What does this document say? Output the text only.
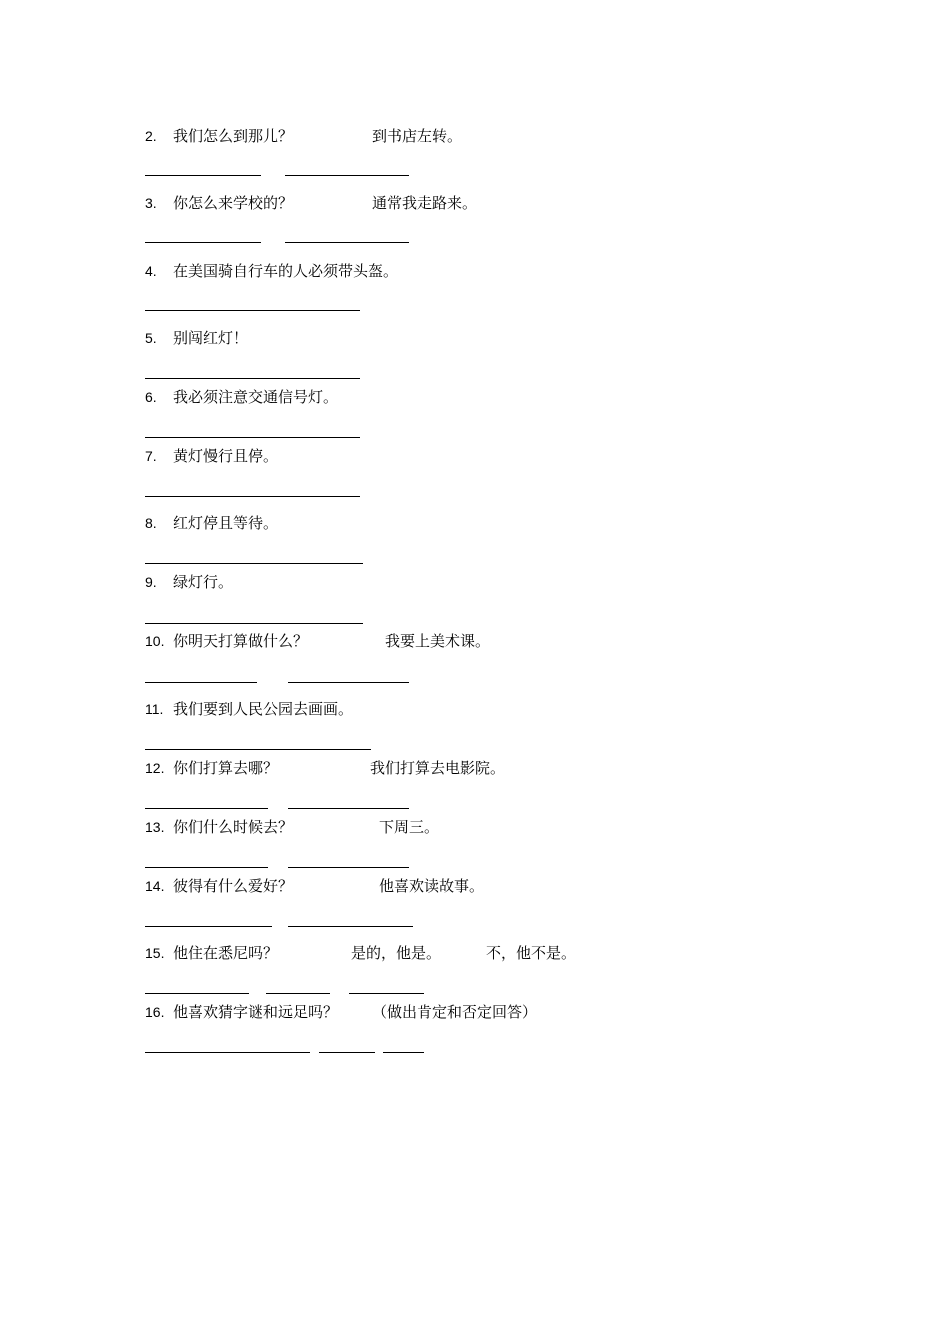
2. 我们怎么到那儿？	到书店左转。
3. 你怎么来学校的？	通常我走路来。
4. 在美国骑自行车的人必须带头盔。
5. 别闯红灯！
6. 我必须注意交通信号灯。
7. 黄灯慢行且停。
8. 红灯停且等待。
9. 绿灯行。
10. 你明天打算做什么？	我要上美术课。
11. 我们要到人民公园去画画。
12. 你们打算去哪？	我们打算去电影院。
13. 你们什么时候去？	下周三。
14. 彼得有什么爱好？	他喜欢读故事。
15. 他住在悉尼吗？	是的，他是。	不，他不是。
16. 他喜欢猜字谜和远足吗？ （做出肯定和否定回答）
